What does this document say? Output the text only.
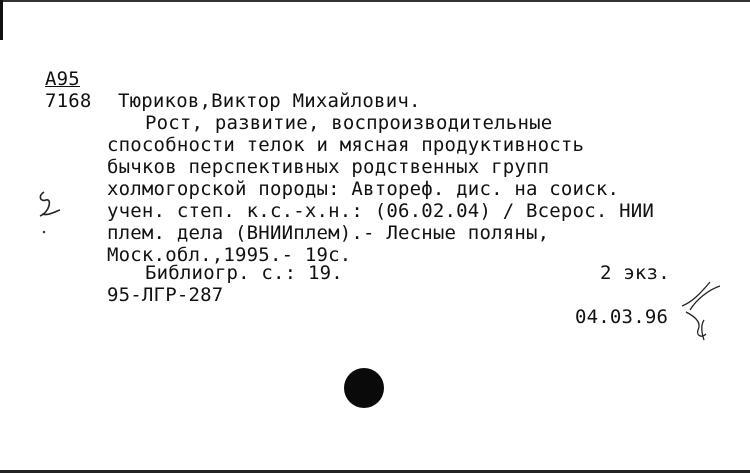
А95
7168 Тюриков,Виктор Михайлович.
Рост, развитие, воспроизводительные
способности телок и мясная продуктивность
бычков перспективных родственных групп
холмогорской породы: Автореф. дис. на соиск.
учен. степ. к.с.-х.н.: (06.02.04) / Всерос. НИИ
плем. дела (ВНИИплем).- Лесные поляны,
Моск.обл.,1995.- 19с.
Библиогр. с.: 19.	2 экз.
95-ЛГР-287
04.03.96
